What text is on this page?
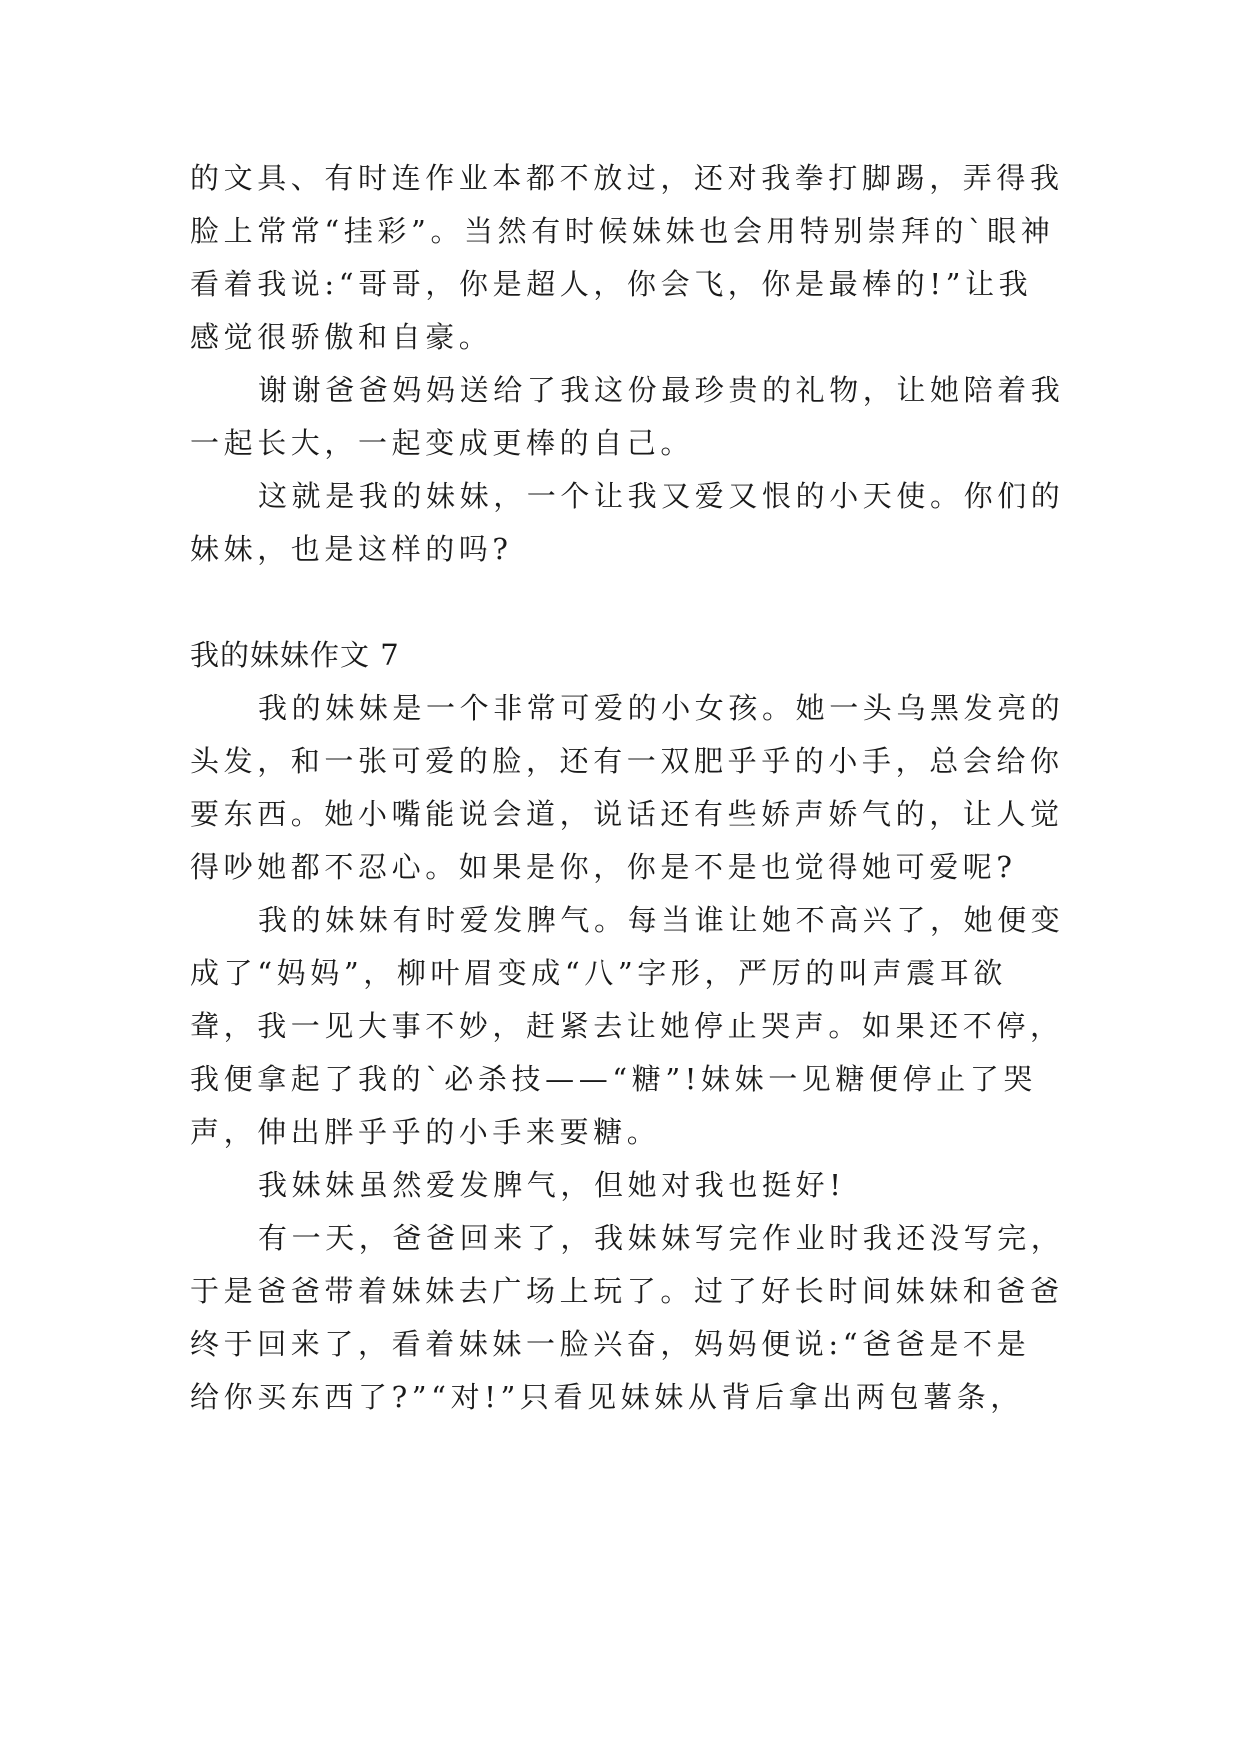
的文具、有时连作业本都不放过，还对我拳打脚踢，弄得我
脸上常常“挂彩”。当然有时候妹妹也会用特别崇拜的`眼神
看着我说:“哥哥，你是超人，你会飞，你是最棒的!”让我
感觉很骄傲和自豪。
谢谢爸爸妈妈送给了我这份最珍贵的礼物，让她陪着我
一起长大，一起变成更棒的自己。
这就是我的妹妹，一个让我又爱又恨的小天使。你们的
妹妹，也是这样的吗?
我的妹妹作文 7
我的妹妹是一个非常可爱的小女孩。她一头乌黑发亮的
头发，和一张可爱的脸，还有一双肥乎乎的小手，总会给你
要东西。她小嘴能说会道，说话还有些娇声娇气的，让人觉
得吵她都不忍心。如果是你，你是不是也觉得她可爱呢?
我的妹妹有时爱发脾气。每当谁让她不高兴了，她便变
成了“妈妈”，柳叶眉变成“八”字形，严厉的叫声震耳欲
聋，我一见大事不妙，赶紧去让她停止哭声。如果还不停，
我便拿起了我的`必杀技——“糖”!妹妹一见糖便停止了哭
声，伸出胖乎乎的小手来要糖。
我妹妹虽然爱发脾气，但她对我也挺好!
有一天，爸爸回来了，我妹妹写完作业时我还没写完，
于是爸爸带着妹妹去广场上玩了。过了好长时间妹妹和爸爸
终于回来了，看着妹妹一脸兴奋，妈妈便说:“爸爸是不是
给你买东西了?”“对!”只看见妹妹从背后拿出两包薯条，
